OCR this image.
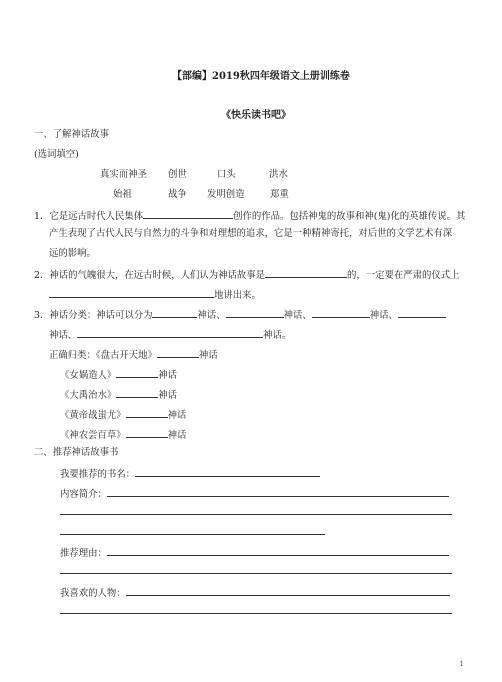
【部编】2019秋四年级语文上册训练卷
《快乐读书吧》
一、了解神话故事
(选词填空)
真实而神圣 创世	口头	洪水
始祖	战争 发明创造	郑重
1．它是远古时代人民集体	创作的作品。包括神鬼的故事和神(鬼)化的英雄传说。其
产生表现了古代人民与自然力的斗争和对理想的追求，它是一种精神寄托，对后世的文学艺术有深
远的影响。
2．神话的气魄很大，在远古时候，人们认为神话故事是	的，一定要在严肃的仪式上
地讲出来。
3．神话分类：神话可以分为	神话、	神话、	神话、
神话、	神话。
正确归类：《盘古开天地》	神话
《女娲造人》	神话
《大禹治水》	神话
《黄帝战蚩尤》	神话
《神农尝百草》	神话
二、推荐神话故事书
我要推荐的书名：
内容简介：
推荐理由：
我喜欢的人物：
1
